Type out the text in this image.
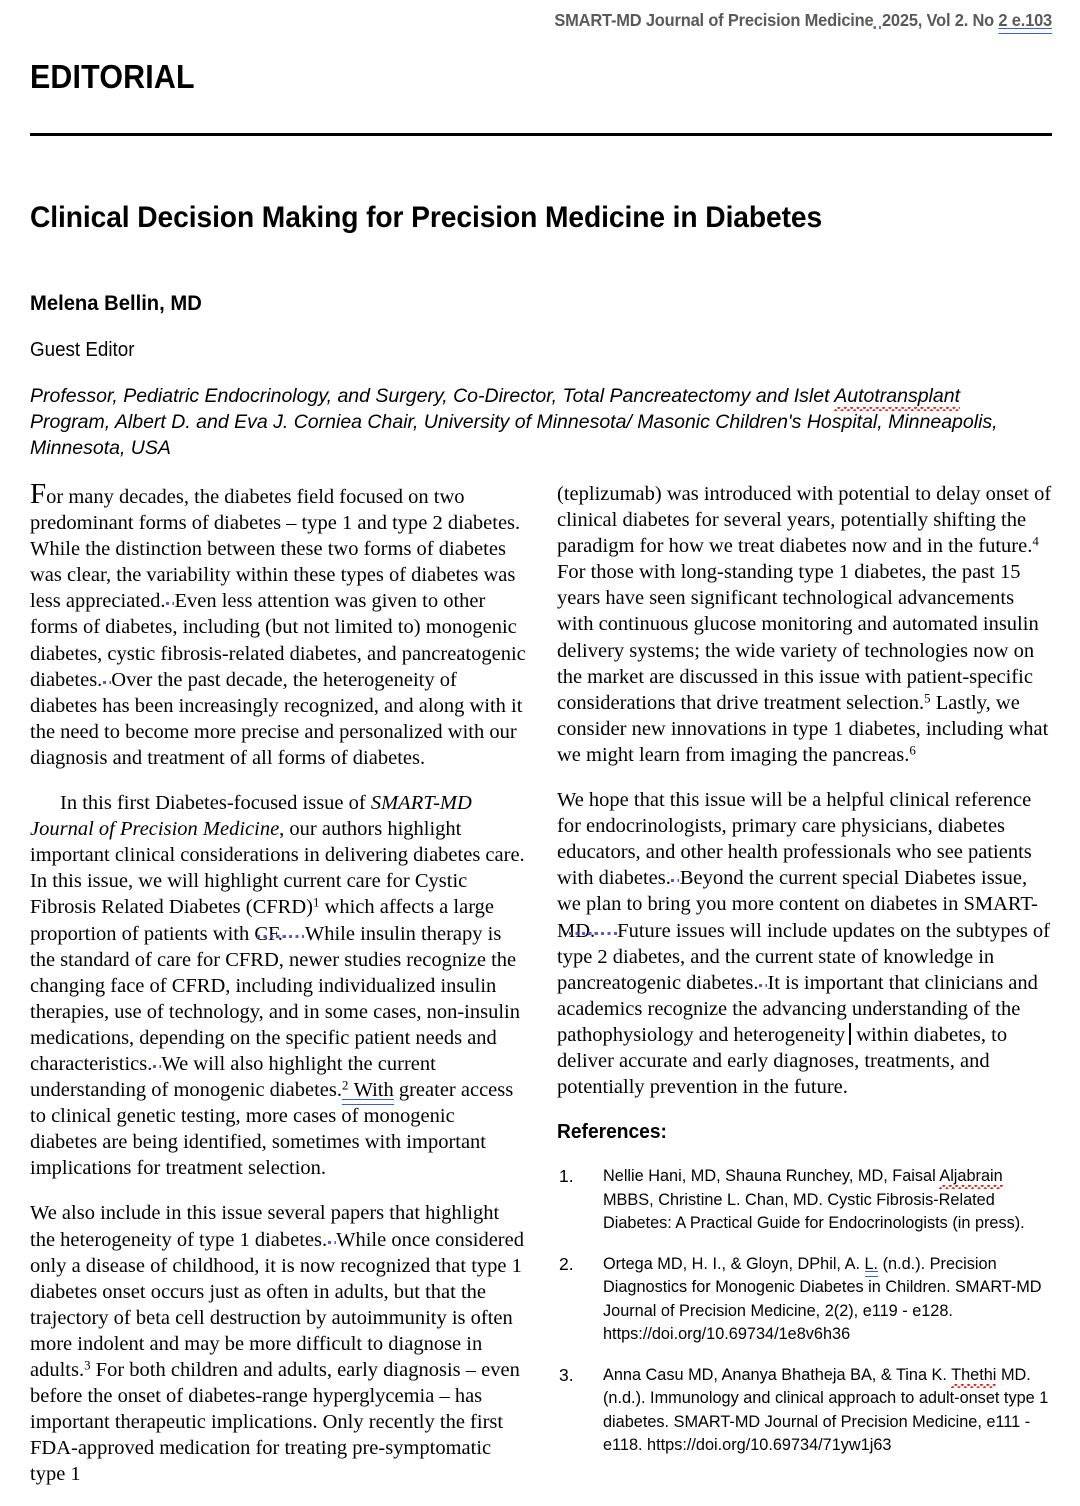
SMART-MD Journal of Precision Medicine 2025, Vol 2. No 2 e.103
EDITORIAL
Clinical Decision Making for Precision Medicine in Diabetes
Melena Bellin, MD
Guest Editor
Professor, Pediatric Endocrinology, and Surgery, Co-Director, Total Pancreatectomy and Islet Autotransplant Program, Albert D. and Eva J. Corniea Chair, University of Minnesota/ Masonic Children's Hospital, Minneapolis, Minnesota, USA

For many decades, the diabetes field focused on two predominant forms of diabetes – type 1 and type 2 diabetes. While the distinction between these two forms of diabetes was clear, the variability within these types of diabetes was less appreciated. Even less attention was given to other forms of diabetes, including (but not limited to) monogenic diabetes, cystic fibrosis-related diabetes, and pancreatogenic diabetes. Over the past decade, the heterogeneity of diabetes has been increasingly recognized, and along with it the need to become more precise and personalized with our diagnosis and treatment of all forms of diabetes.

In this first Diabetes-focused issue of SMART-MD Journal of Precision Medicine, our authors highlight important clinical considerations in delivering diabetes care. In this issue, we will highlight current care for Cystic Fibrosis Related Diabetes (CFRD)$^1$ which affects a large proportion of patients with CF. While insulin therapy is the standard of care for CFRD, newer studies recognize the changing face of CFRD, including individualized insulin therapies, use of technology, and in some cases, non-insulin medications, depending on the specific patient needs and characteristics. We will also highlight the current understanding of monogenic diabetes.$^2$ With greater access to clinical genetic testing, more cases of monogenic diabetes are being identified, sometimes with important implications for treatment selection.

We also include in this issue several papers that highlight the heterogeneity of type 1 diabetes. While once considered only a disease of childhood, it is now recognized that type 1 diabetes onset occurs just as often in adults, but that the trajectory of beta cell destruction by autoimmunity is often more indolent and may be more difficult to diagnose in adults.$^3$ For both children and adults, early diagnosis – even before the onset of diabetes-range hyperglycemia – has important therapeutic implications. Only recently the first FDA-approved medication for treating pre-symptomatic type 1

(teplizumab) was introduced with potential to delay onset of clinical diabetes for several years, potentially shifting the paradigm for how we treat diabetes now and in the future.$^4$ For those with long-standing type 1 diabetes, the past 15 years have seen significant technological advancements with continuous glucose monitoring and automated insulin delivery systems; the wide variety of technologies now on the market are discussed in this issue with patient-specific considerations that drive treatment selection.$^5$ Lastly, we consider new innovations in type 1 diabetes, including what we might learn from imaging the pancreas.$^6$

We hope that this issue will be a helpful clinical reference for endocrinologists, primary care physicians, diabetes educators, and other health professionals who see patients with diabetes. Beyond the current special Diabetes issue, we plan to bring you more content on diabetes in SMART-MD. Future issues will include updates on the subtypes of type 2 diabetes, and the current state of knowledge in pancreatogenic diabetes. It is important that clinicians and academics recognize the advancing understanding of the pathophysiology and heterogeneity within diabetes, to deliver accurate and early diagnoses, treatments, and potentially prevention in the future.

References:
1. Nellie Hani, MD, Shauna Runchey, MD, Faisal Aljabrain MBBS, Christine L. Chan, MD. Cystic Fibrosis-Related Diabetes: A Practical Guide for Endocrinologists (in press).
2. Ortega MD, H. I., & Gloyn, DPhil, A. L. (n.d.). Precision Diagnostics for Monogenic Diabetes in Children. SMART-MD Journal of Precision Medicine, 2(2), e119 - e128. https://doi.org/10.69734/1e8v6h36
3. Anna Casu MD, Ananya Bhatheja BA, & Tina K. Thethi MD. (n.d.). Immunology and clinical approach to adult-onset type 1 diabetes. SMART-MD Journal of Precision Medicine, e111 - e118. https://doi.org/10.69734/71yw1j63
